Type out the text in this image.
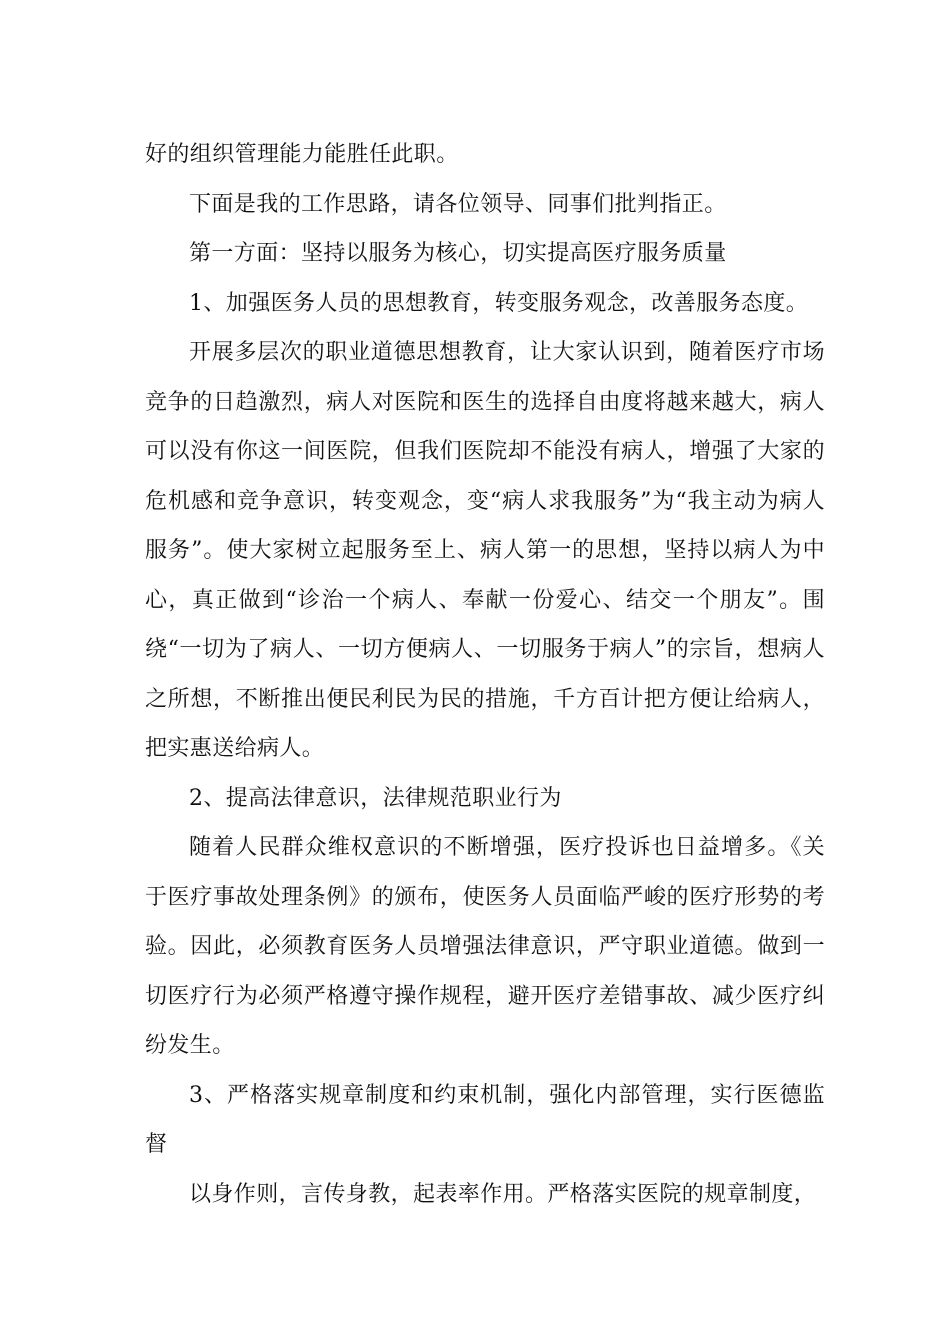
好的组织管理能力能胜任此职。

下面是我的工作思路，请各位领导、同事们批判指正。

第一方面：坚持以服务为核心，切实提高医疗服务质量

1、加强医务人员的思想教育，转变服务观念，改善服务态度。

开展多层次的职业道德思想教育，让大家认识到，随着医疗市场竞争的日趋激烈，病人对医院和医生的选择自由度将越来越大，病人可以没有你这一间医院，但我们医院却不能没有病人，增强了大家的危机感和竞争意识，转变观念，变“病人求我服务”为“我主动为病人服务”。使大家树立起服务至上、病人第一的思想，坚持以病人为中心，真正做到“诊治一个病人、奉献一份爱心、结交一个朋友”。围绕“一切为了病人、一切方便病人、一切服务于病人”的宗旨，想病人之所想，不断推出便民利民为民的措施，千方百计把方便让给病人，把实惠送给病人。

2、提高法律意识，法律规范职业行为

随着人民群众维权意识的不断增强，医疗投诉也日益增多。《关于医疗事故处理条例》的颁布，使医务人员面临严峻的医疗形势的考验。因此，必须教育医务人员增强法律意识，严守职业道德。做到一切医疗行为必须严格遵守操作规程，避开医疗差错事故、减少医疗纠纷发生。

3、严格落实规章制度和约束机制，强化内部管理，实行医德监督

以身作则，言传身教，起表率作用。严格落实医院的规章制度，
